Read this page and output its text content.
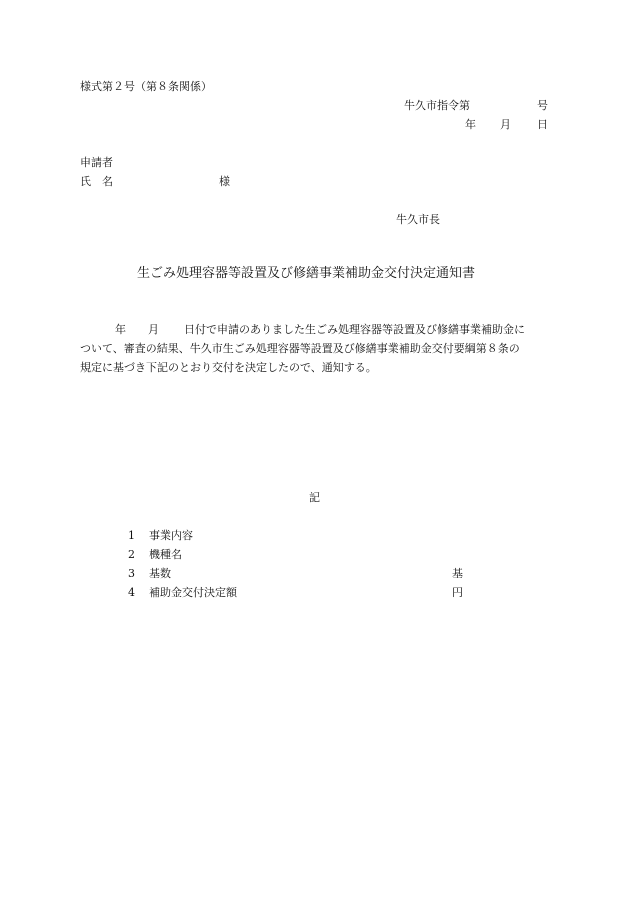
様式第２号（第８条関係）
牛久市指令第	号
年 月 日
申請者
氏　名	様
牛久市長
生ごみ処理容器等設置及び修繕事業補助金交付決定通知書
年 月 日付で申請のありました生ごみ処理容器等設置及び修繕事業補助金に
ついて、審査の結果、牛久市生ごみ処理容器等設置及び修繕事業補助金交付要綱第８条の
規定に基づき下記のとおり交付を決定したので、通知する。
記
1 事業内容
2 機種名
3 基数	基
4 補助金交付決定額	円
